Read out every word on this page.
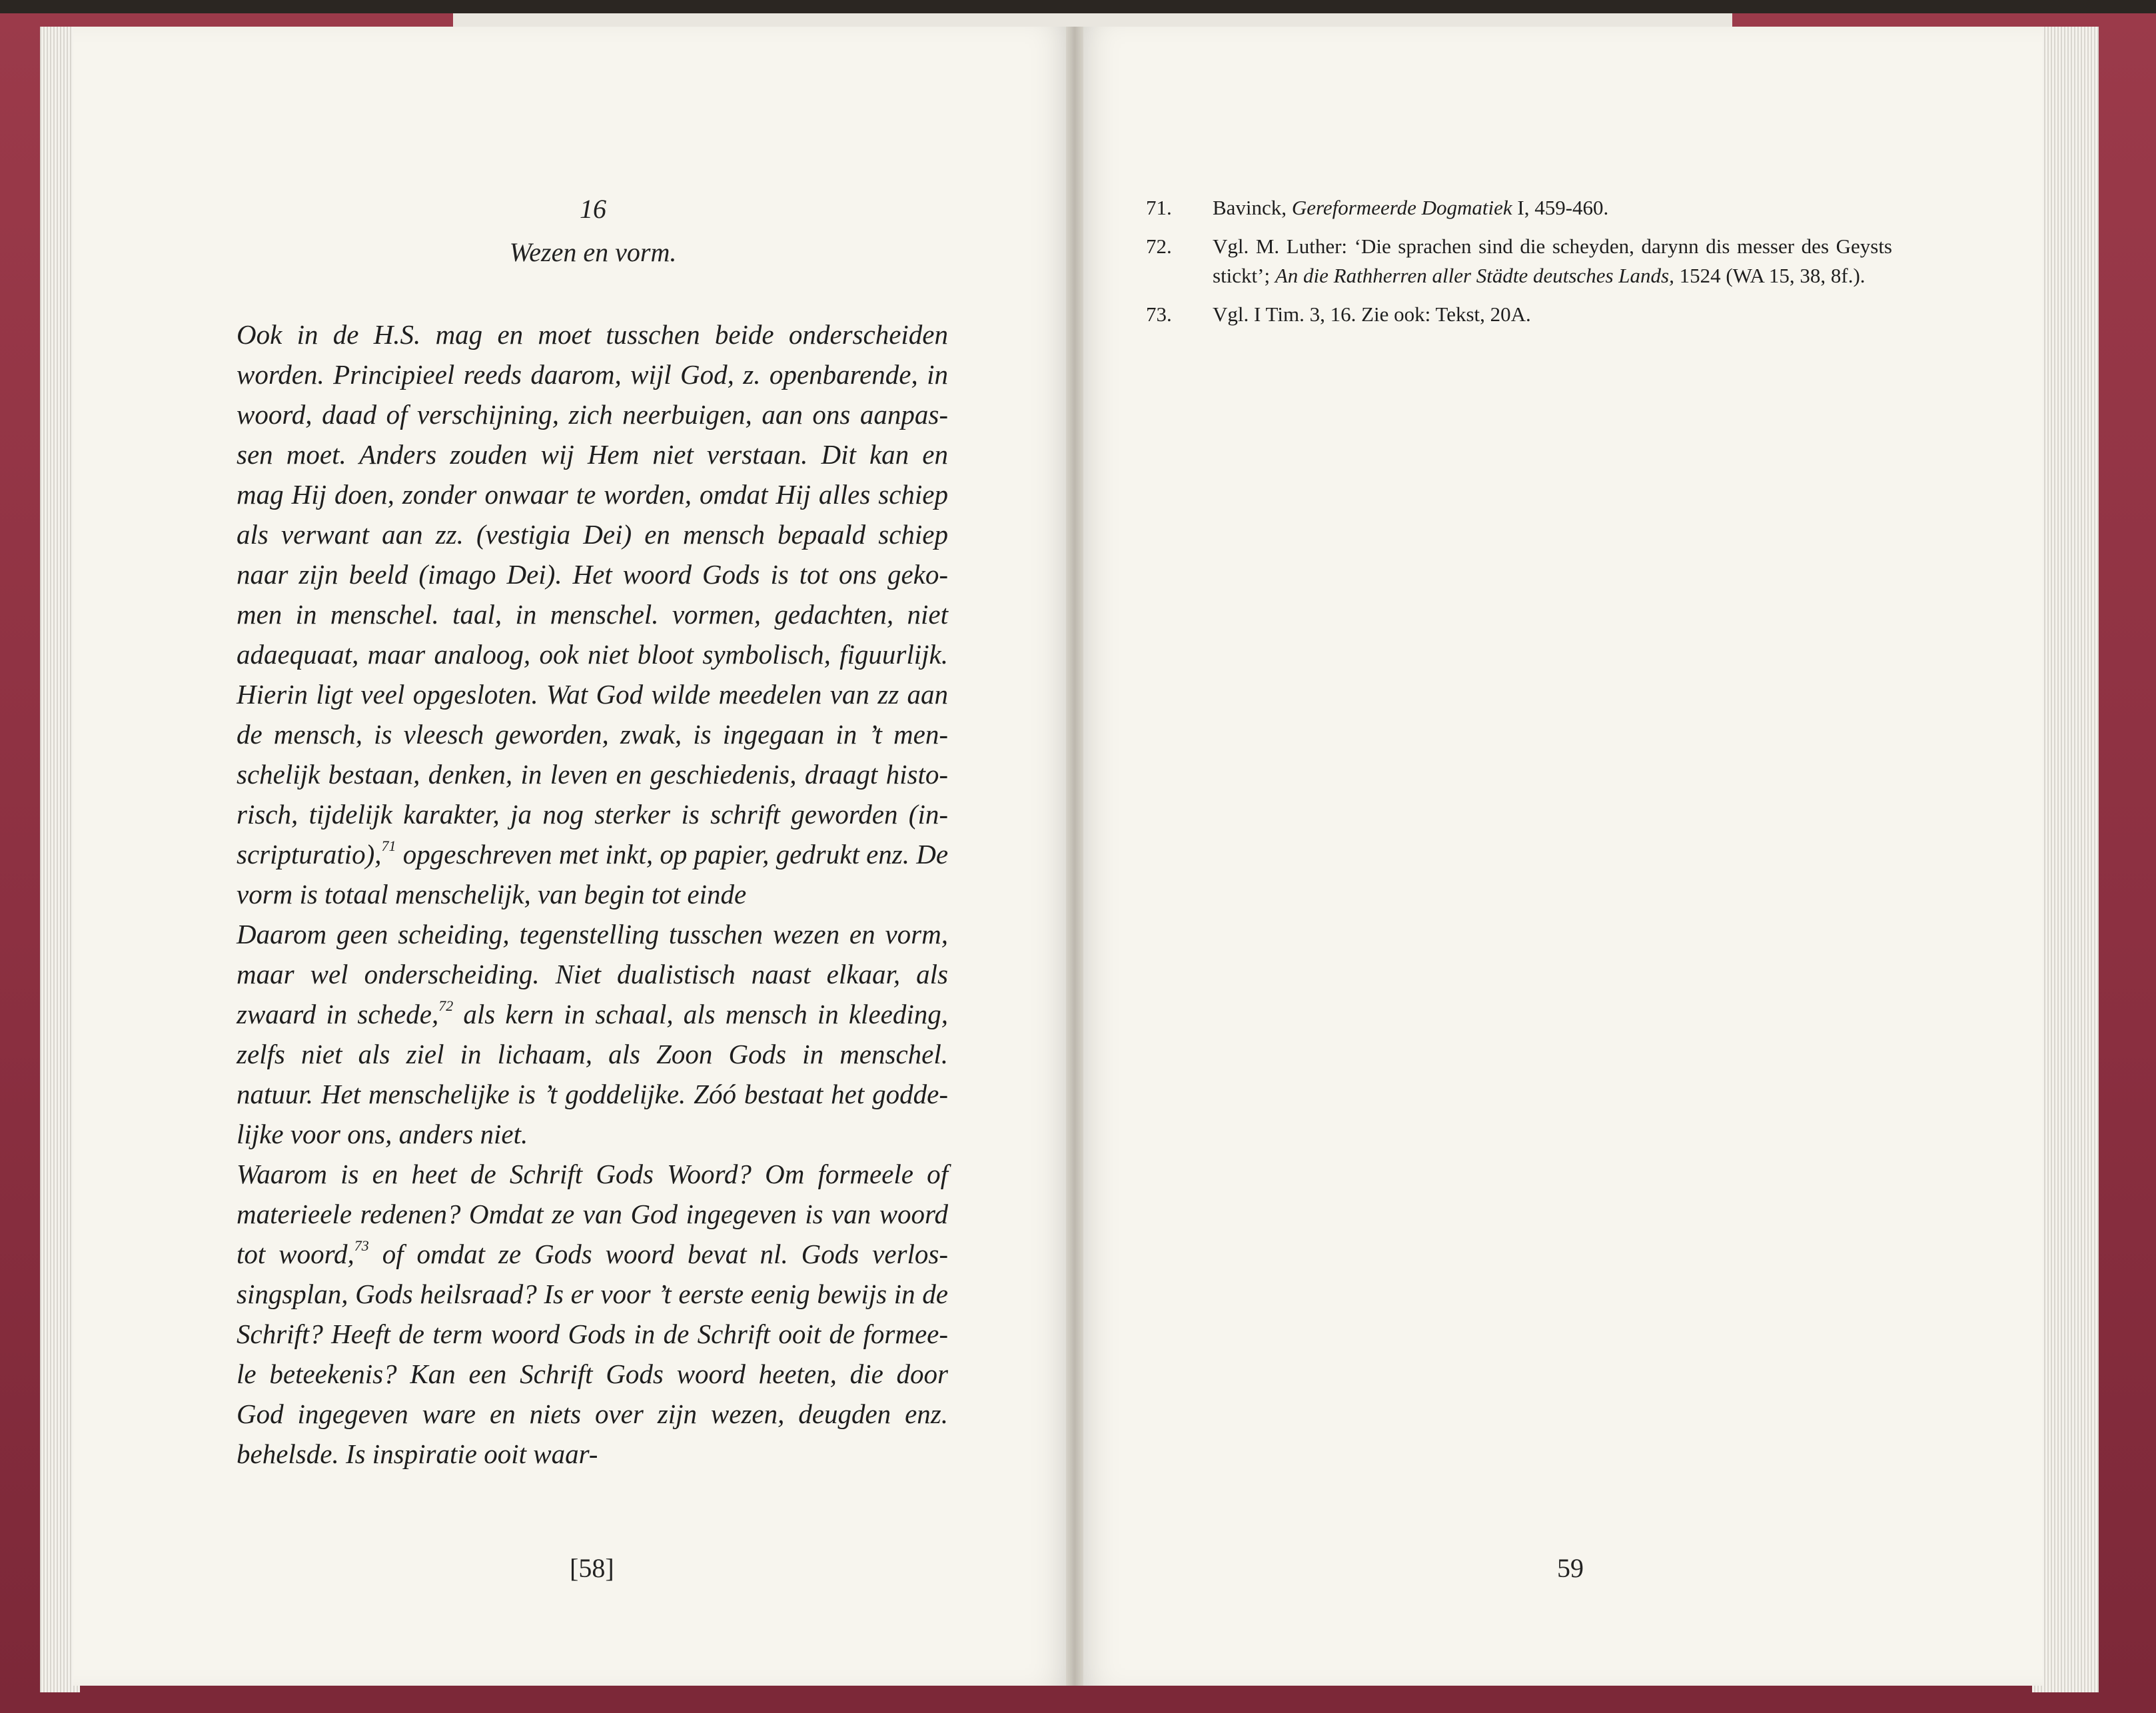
16
Wezen en vorm.
Ook in de H.S. mag en moet tusschen beide onderscheiden
worden. Principieel reeds daarom, wijl God, z. openbarende, in
woord, daad of verschijning, zich neerbuigen, aan ons aanpas-
sen moet. Anders zouden wij Hem niet verstaan. Dit kan en
mag Hij doen, zonder onwaar te worden, omdat Hij alles schiep
als verwant aan zz. (vestigia Dei) en mensch bepaald schiep
naar zijn beeld (imago Dei). Het woord Gods is tot ons geko-
men in menschel. taal, in menschel. vormen, gedachten, niet
adaequaat, maar analoog, ook niet bloot symbolisch, figuurlijk.
Hierin ligt veel opgesloten. Wat God wilde meedelen van zz aan
de mensch, is vleesch geworden, zwak, is ingegaan in ’t men-
schelijk bestaan, denken, in leven en geschiedenis, draagt histo-
risch, tijdelijk karakter, ja nog sterker is schrift geworden (in-
scripturatio),$^{71}$ opgeschreven met inkt, op papier, gedrukt enz. De
vorm is totaal menschelijk, van begin tot einde
Daarom geen scheiding, tegenstelling tusschen wezen en vorm,
maar wel onderscheiding. Niet dualistisch naast elkaar, als
zwaard in schede,$^{72}$ als kern in schaal, als mensch in kleeding,
zelfs niet als ziel in lichaam, als Zoon Gods in menschel.
natuur. Het menschelijke is ’t goddelijke. Zóó bestaat het godde-
lijke voor ons, anders niet.
Waarom is en heet de Schrift Gods Woord? Om formeele of
materieele redenen? Omdat ze van God ingegeven is van woord
tot woord,$^{73}$ of omdat ze Gods woord bevat nl. Gods verlos-
singsplan, Gods heilsraad? Is er voor ’t eerste eenig bewijs in de
Schrift? Heeft de term woord Gods in de Schrift ooit de formee-
le beteekenis? Kan een Schrift Gods woord heeten, die door
God ingegeven ware en niets over zijn wezen, deugden enz.
behelsde. Is inspiratie ooit waar-
[58]
71. Bavinck, Gereformeerde Dogmatiek I, 459-460.
72. Vgl. M. Luther: ‘Die sprachen sind die scheyden, darynn dis messer des Geysts stickt’; An die Rathherren aller Städte deutsches Lands, 1524 (WA 15, 38, 8f.).
73. Vgl. I Tim. 3, 16. Zie ook: Tekst, 20A.
59
